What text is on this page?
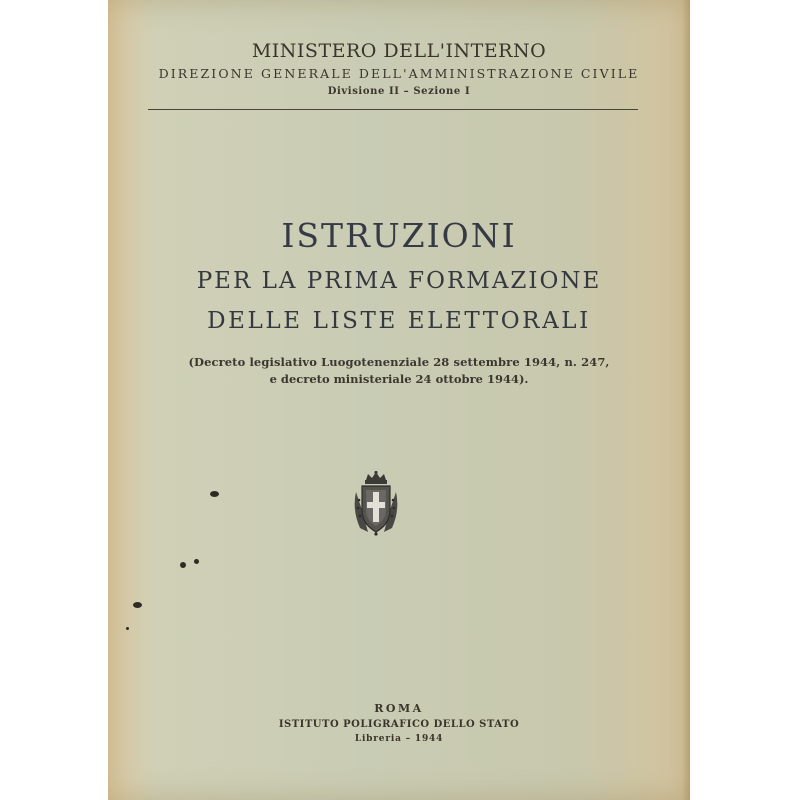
MINISTERO DELL'INTERNO
DIREZIONE GENERALE DELL'AMMINISTRAZIONE CIVILE
Divisione II – Sezione I
ISTRUZIONI
PER LA PRIMA FORMAZIONE
DELLE LISTE ELETTORALI
(Decreto legislativo Luogotenenziale 28 settembre 1944, n. 247,
e decreto ministeriale 24 ottobre 1944).
ROMA
ISTITUTO POLIGRAFICO DELLO STATO
Libreria – 1944
